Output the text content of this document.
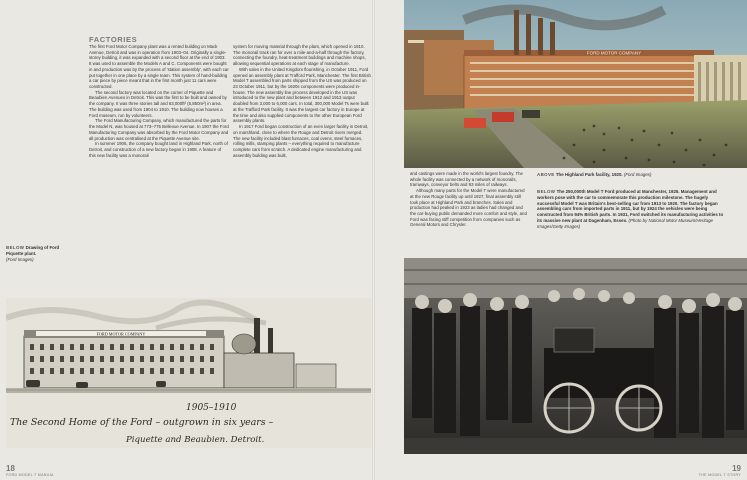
FACTORIES

The first Ford Motor Company plant was a rented building on Mack Avenue, Detroit and was in operation from 1903–04. Originally a single-storey building, it was expanded with a second floor at the end of 1903. It was used to assemble the Models A and C. Components were bought in and production was by the process of 'station assembly', with each car put together in one place by a single team. This system of hand-building a car piece by piece meant that in the first month just 11 cars were constructed.

The second factory was located on the corner of Piquette and Beaubien Avenues in Detroit. This was the first to be built and owned by the company. It was three stories tall and 63,000ft² (5,850m²) in area. The building was used from 1904 to 1910. The building now houses a Ford museum, run by volunteers.

The Ford Manufacturing Company, which manufactured the parts for the Model N, was housed at 773–775 Bellevue Avenue. In 1907 the Ford Manufacturing Company was absorbed by the Ford Motor Company and all production was centralised at the Piquette Avenue site.

In summer 1906, the company bought land in Highland Park, north of Detroit, and construction of a new factory began in 1908. A feature of this new facility was a monorail

system for moving material through the plant, which opened in 1910. The monorail track ran for over a mile-and-a-half through the factory, connecting the foundry, heat-treatment buildings and machine shops, allowing sequential operations at each stage of manufacture.

With sales in the United Kingdom flourishing, in October 1911, Ford opened an assembly plant at Trafford Park, Manchester. The first British Model T assembled from parts shipped from the US was produced on 23 October 1911, but by the 1920s components were produced in-house. The new assembly line process developed in the US was introduced to the new plant and between 1912 and 1913 output doubled from 3,000 to 6,000 cars. In total, 300,000 Model Ts were built at the Trafford Park facility. It was the largest car factory in Europe at the time and also supplied components to the other European Ford assembly plants.

In 1917 Ford began construction of an even larger facility in Detroit, on marshland, close to where the Rouge and Detroit rivers merged. The new facility included blast furnaces, coal ovens, steel furnaces, rolling mills, stamping plants – everything required to manufacture complete cars from scratch. A dedicated engine manufacturing and assembly building was built,

and castings were made in the world's largest foundry. The whole facility was connected by a network of monorails, tramways, conveyor belts and 93 miles of railways.

Although many parts for the Model T were manufactured at the new Rouge facility up until 1927, final assembly still took place at Highland Park and branches. Sales and production had peaked in 1923 as ladies had changed and the car-buying public demanded more comfort and style, and Ford was facing stiff competition from companies such as General Motors and Chrysler.

BELOW Drawing of Ford Piquette plant.
(Ford Images)
ABOVE The Highland Park facility, 1920. (Ford Images)
BELOW The 250,000th Model T Ford produced at Manchester, 1925. Management and workers pose with the car to commemorate this production milestone. The hugely successful Model T was Britain's best-selling car from 1913 to 1920. The factory began assembling cars from imported parts in 1911, but by 1924 the vehicles were being constructed from 94% British parts. In 1931, Ford switched its manufacturing activities to its massive new plant at Dagenham, Essex. (Photo by National Motor Museum/Heritage Images/Getty Images)
FORD MOTOR COMPANY
1905–1910
The Second Home of the Ford – outgrown in six years –
Piquette and Beaubien. Detroit.
FORD MOTOR COMPANY
18
FORD MODEL T MANUAL
19
THE MODEL T STORY
